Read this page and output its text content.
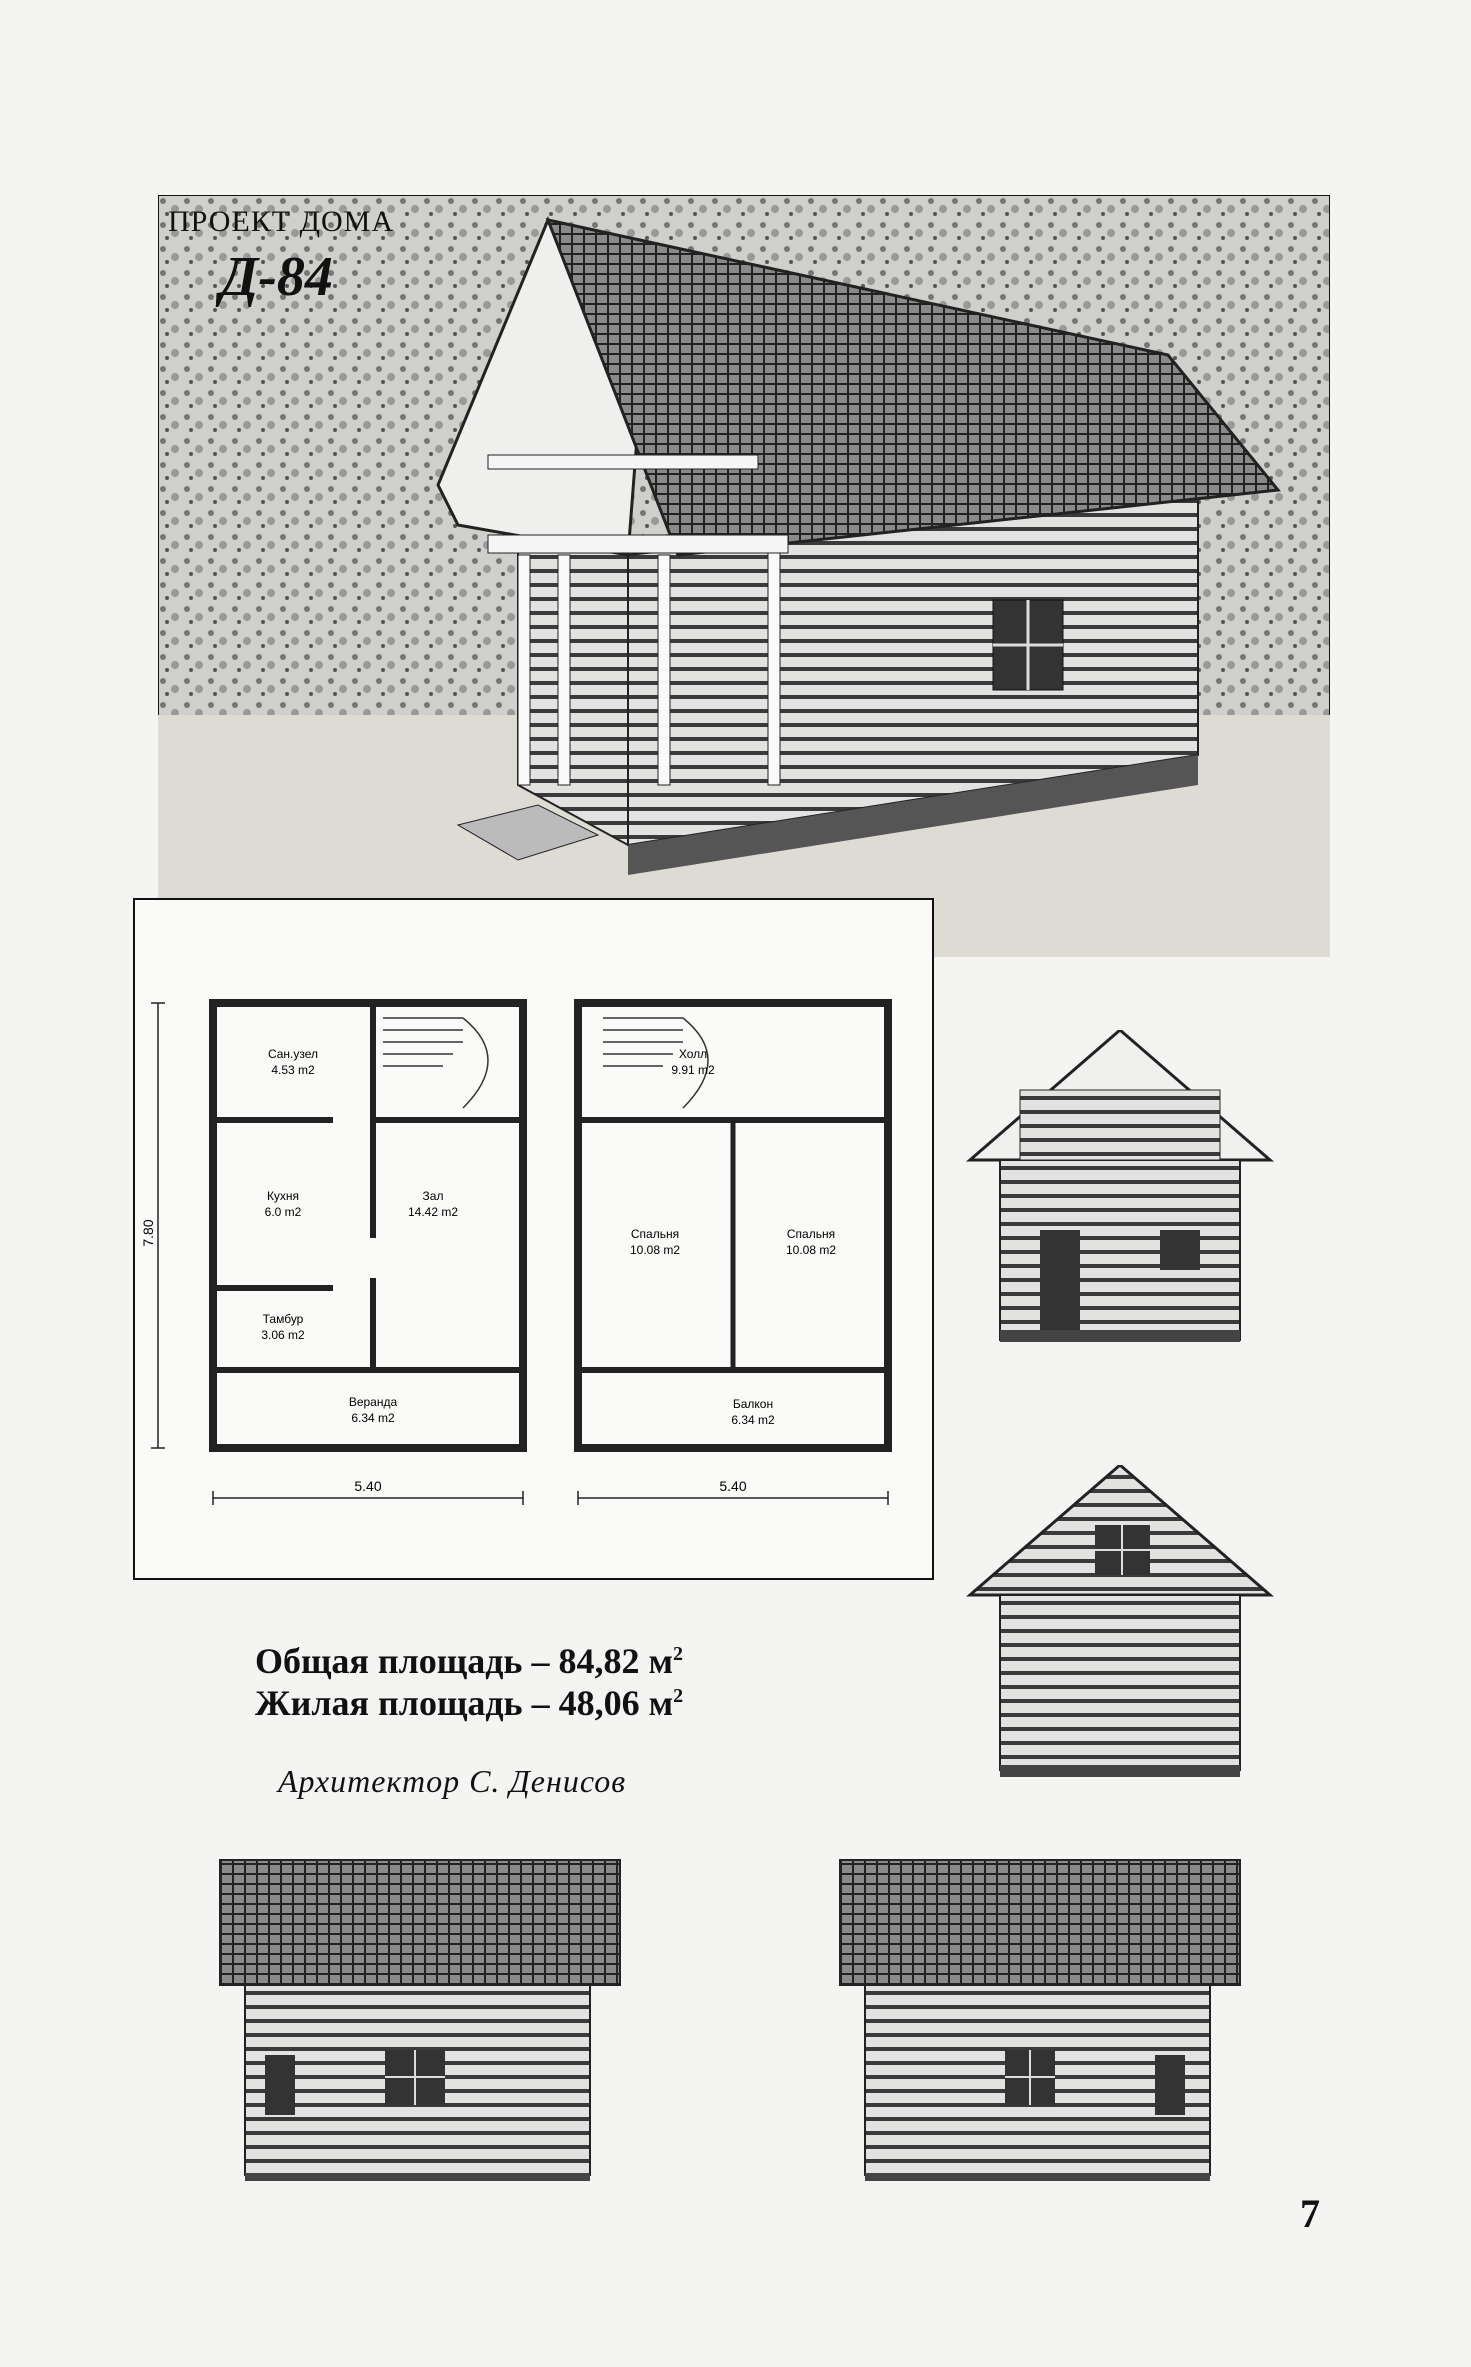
ПРОЕКТ ДОМА
Д-84
Сан.узел
4.53 m2
Кухня
6.0 m2
Зал
14.42 m2
Тамбур
3.06 m2
Веранда
6.34 m2
7.80
5.40
Холл
9.91 m2
Спальня
10.08 m2
Спальня
10.08 m2
Балкон
6.34 m2
5.40
Общая площадь – 84,82 $м^2$
Жилая площадь – 48,06 $м^2$
Архитектор С. Денисов
7
